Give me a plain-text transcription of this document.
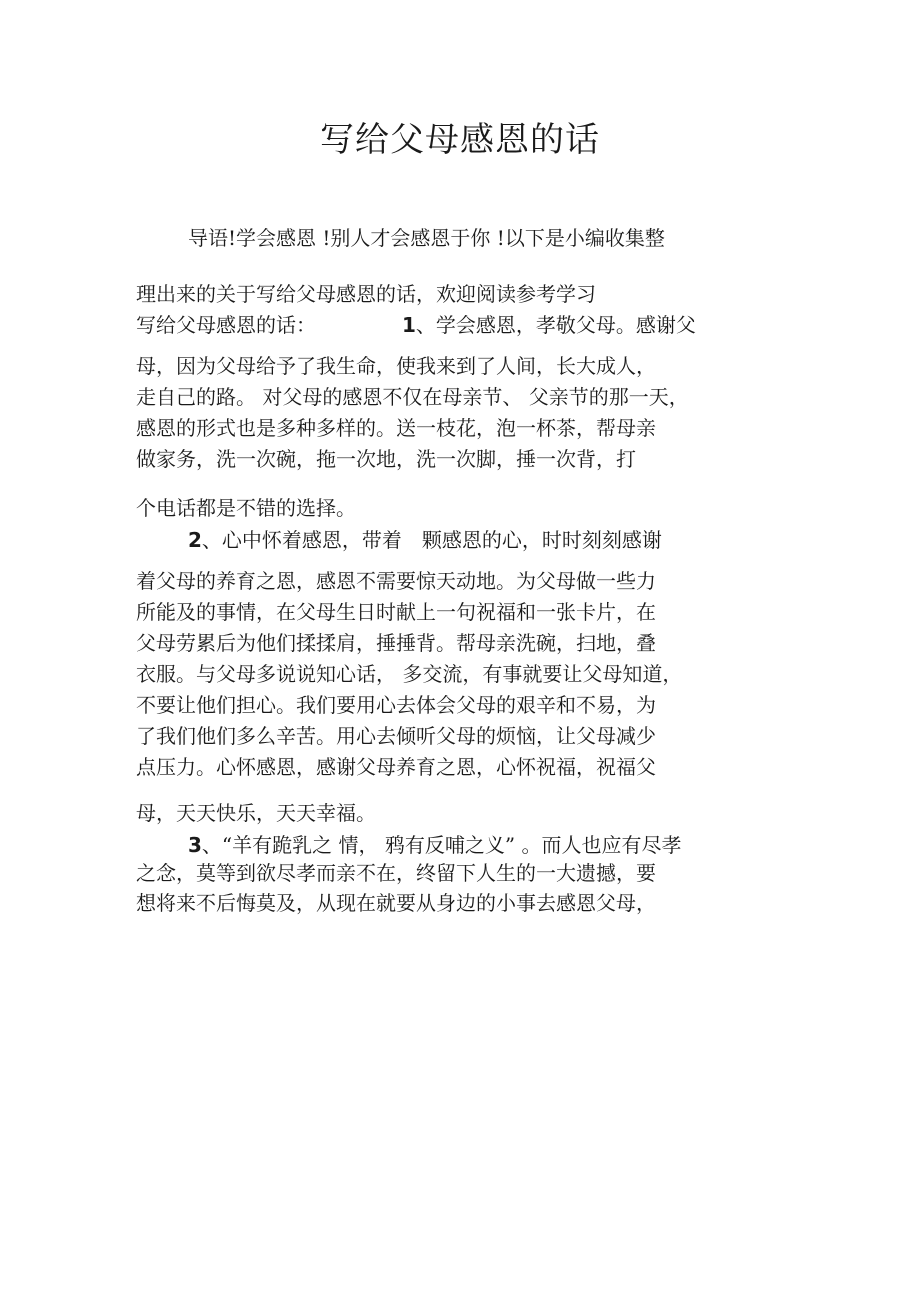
写给父母感恩的话

导语!学会感恩 !别人才会感恩于你 !以下是小编收集整

理出来的关于写给父母感恩的话，欢迎阅读参考学习

写给父母感恩的话：	1、学会感恩，孝敬父母。感谢父

母，因为父母给予了我生命，使我来到了人间，长大成人，

走自己的路。 对父母的感恩不仅在母亲节、 父亲节的那一天，

感恩的形式也是多种多样的。送一枝花，泡一杯茶，帮母亲

做家务，洗一次碗，拖一次地，洗一次脚，捶一次背，打

个电话都是不错的选择。

2、心中怀着感恩，带着　颗感恩的心，时时刻刻感谢

着父母的养育之恩，感恩不需要惊天动地。为父母做一些力

所能及的事情，在父母生日时献上一句祝福和一张卡片，在

父母劳累后为他们揉揉肩，捶捶背。帮母亲洗碗，扫地，叠

衣服。与父母多说说知心话， 多交流，有事就要让父母知道，

不要让他们担心。我们要用心去体会父母的艰辛和不易，为

了我们他们多么辛苦。用心去倾听父母的烦恼，让父母减少

点压力。心怀感恩，感谢父母养育之恩，心怀祝福，祝福父

母，天天快乐，天天幸福。

3、“羊有跪乳之 情， 鸦有反哺之义” 。而人也应有尽孝

之念，莫等到欲尽孝而亲不在，终留下人生的一大遗撼，要

想将来不后悔莫及，从现在就要从身边的小事去感恩父母，
